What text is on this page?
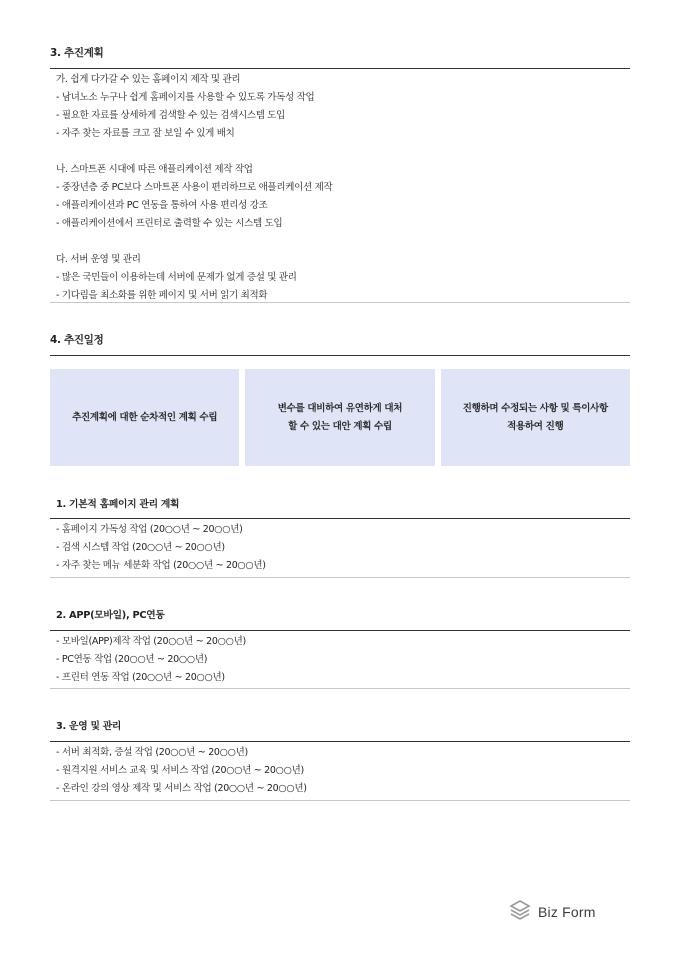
3. 추진계획
가. 쉽게 다가갈 수 있는 홈페이지 제작 및 관리
- 남녀노소 누구나 쉽게 홈페이지를 사용할 수 있도록 가독성 작업
- 필요한 자료를 상세하게 검색할 수 있는 검색시스템 도입
- 자주 찾는 자료를 크고 잘 보일 수 있게 배치
나. 스마트폰 시대에 따른 애플리케이션 제작 작업
- 중장년층 중 PC보다 스마트폰 사용이 편리하므로 애플리케이션 제작
- 애플리케이션과 PC 연동을 통하여 사용 편리성 강조
- 애플리케이션에서 프린터로 출력할 수 있는 시스템 도입
다. 서버 운영 및 관리
- 많은 국민들이 이용하는데 서버에 문제가 없게 증설 및 관리
- 기다림을 최소화를 위한 페이지 및 서버 읽기 최적화
4. 추진일정
추진계획에 대한 순차적인 계획 수립
변수를 대비하여 유연하게 대처
할 수 있는 대안 계획 수립
진행하며 수정되는 사항 및 특이사항
적용하여 진행
1. 기본적 홈페이지 관리 계획
- 홈페이지 가독성 작업 (20○○년 ~ 20○○년)
- 검색 시스템 작업 (20○○년 ~ 20○○년)
- 자주 찾는 메뉴 세분화 작업 (20○○년 ~ 20○○년)
2. APP(모바일), PC연동
- 모바일(APP)제작 작업 (20○○년 ~ 20○○년)
- PC연동 작업 (20○○년 ~ 20○○년)
- 프린터 연동 작업 (20○○년 ~ 20○○년)
3. 운영 및 관리
- 서버 최적화, 증설 작업 (20○○년 ~ 20○○년)
- 원격지원 서비스 교육 및 서비스 작업 (20○○년 ~ 20○○년)
- 온라인 강의 영상 제작 및 서비스 작업 (20○○년 ~ 20○○년)
Biz Form
